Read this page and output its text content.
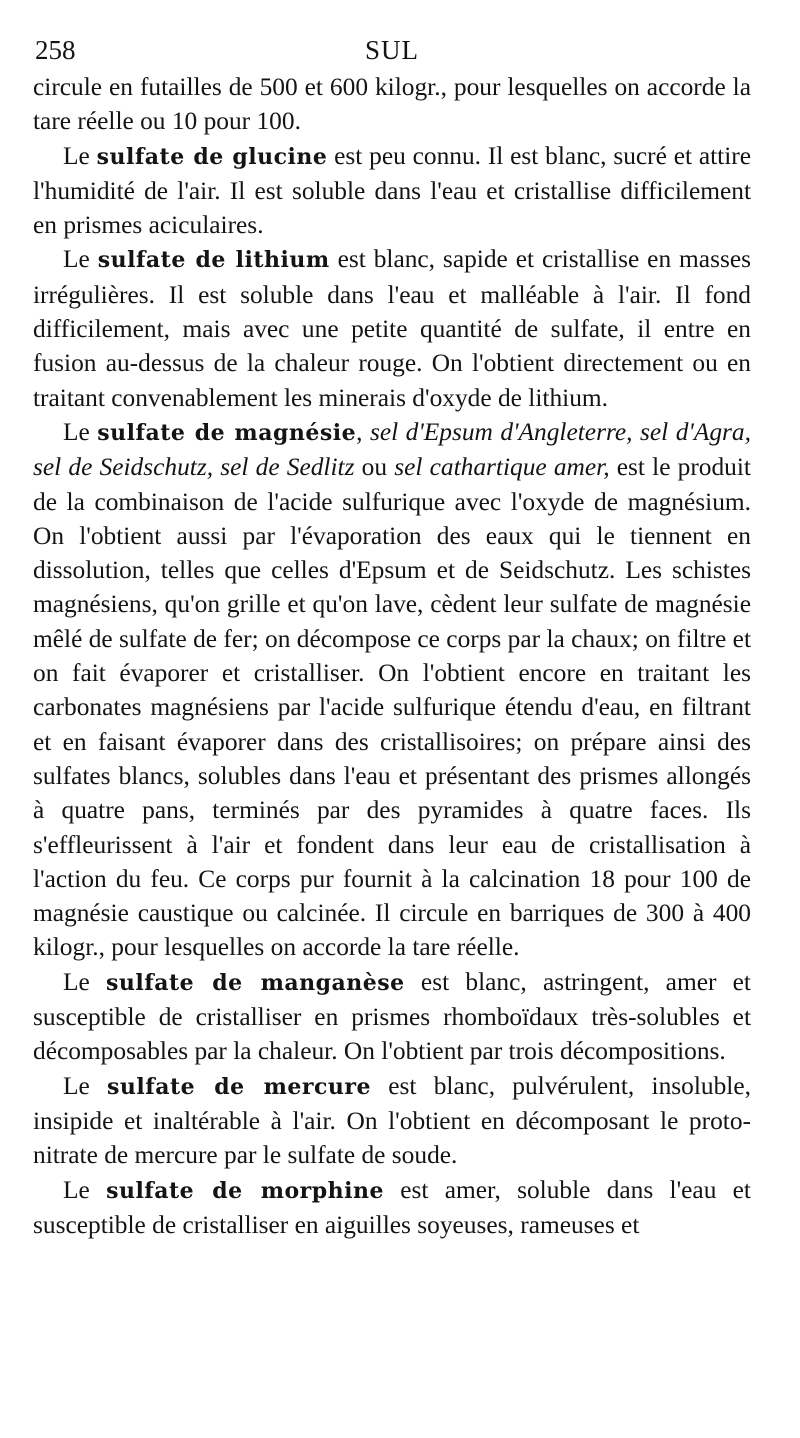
258	SUL

circule en futailles de 500 et 600 kilogr., pour lesquelles on accorde la tare réelle ou 10 pour 100.

Le sulfate de glucine est peu connu. Il est blanc, sucré et attire l'humidité de l'air. Il est soluble dans l'eau et cristallise difficilement en prismes aciculaires.

Le sulfate de lithium est blanc, sapide et cristallise en masses irrégulières. Il est soluble dans l'eau et malléable à l'air. Il fond difficilement, mais avec une petite quantité de sulfate, il entre en fusion au-dessus de la chaleur rouge. On l'obtient directement ou en traitant convenablement les minerais d'oxyde de lithium.

Le sulfate de magnésie, sel d'Epsum d'Angleterre, sel d'Agra, sel de Seidschutz, sel de Sedlitz ou sel cathartique amer, est le produit de la combinaison de l'acide sulfurique avec l'oxyde de magnésium. On l'obtient aussi par l'évaporation des eaux qui le tiennent en dissolution, telles que celles d'Epsum et de Seidschutz. Les schistes magnésiens, qu'on grille et qu'on lave, cèdent leur sulfate de magnésie mêlé de sulfate de fer; on décompose ce corps par la chaux; on filtre et on fait évaporer et cristalliser. On l'obtient encore en traitant les carbonates magnésiens par l'acide sulfurique étendu d'eau, en filtrant et en faisant évaporer dans des cristallisoires; on prépare ainsi des sulfates blancs, solubles dans l'eau et présentant des prismes allongés à quatre pans, terminés par des pyramides à quatre faces. Ils s'effleurissent à l'air et fondent dans leur eau de cristallisation à l'action du feu. Ce corps pur fournit à la calcination 18 pour 100 de magnésie caustique ou calcinée. Il circule en barriques de 300 à 400 kilogr., pour lesquelles on accorde la tare réelle.

Le sulfate de manganèse est blanc, astringent, amer et susceptible de cristalliser en prismes rhomboïdaux très-solubles et décomposables par la chaleur. On l'obtient par trois décompositions.

Le sulfate de mercure est blanc, pulvérulent, insoluble, insipide et inaltérable à l'air. On l'obtient en décomposant le proto-nitrate de mercure par le sulfate de soude.

Le sulfate de morphine est amer, soluble dans l'eau et susceptible de cristalliser en aiguilles soyeuses, rameuses et
